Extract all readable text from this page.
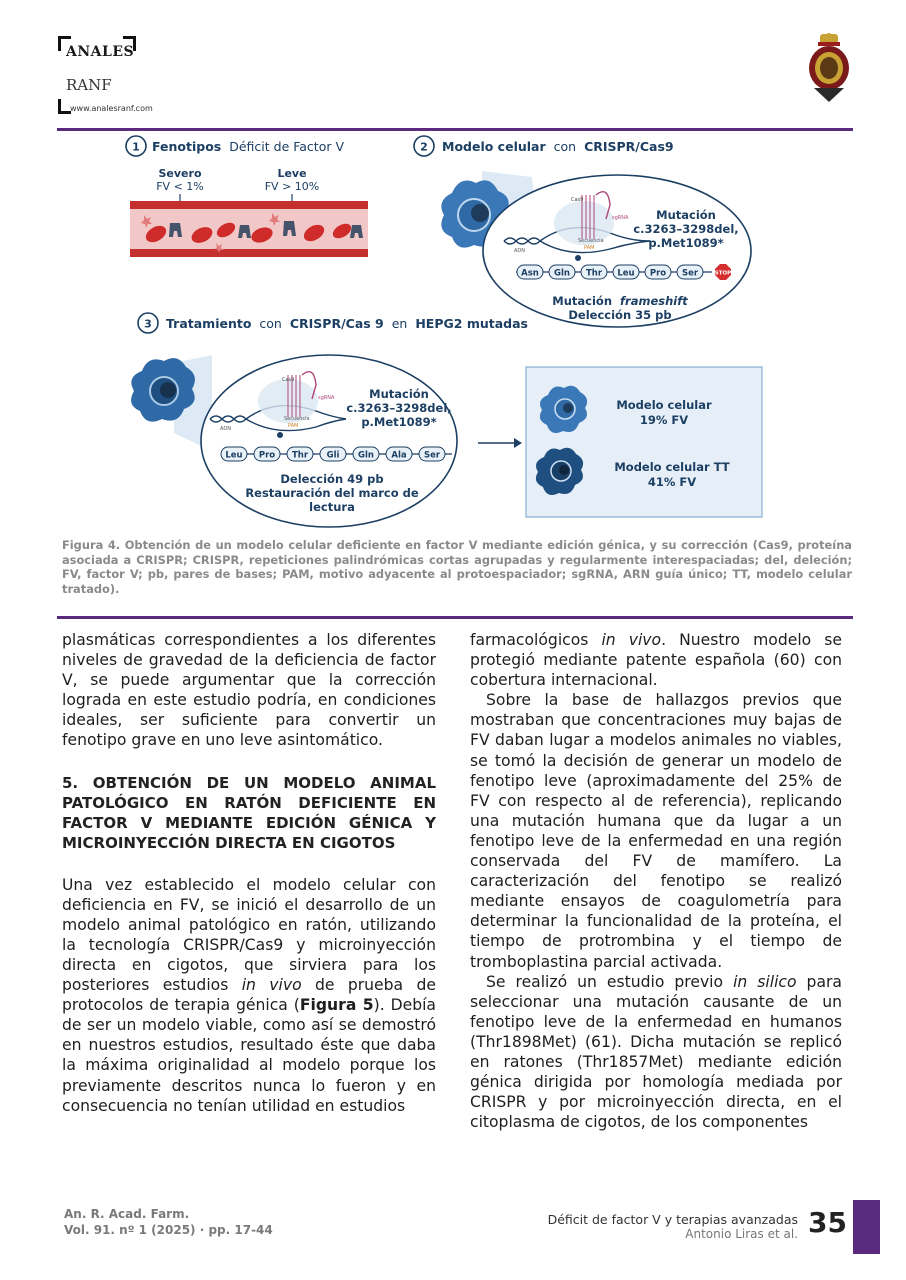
ANALES
RANF
www.analesranf.com
1 Fenotipos Déficit de Factor V
Severo
FV < 1%
Leve
FV > 10%
2 Modelo celular con CRISPR/Cas9
Cas9
sgRNA
Secuencia
PAM
ADN
Mutación
c.3263–3298del,
p.Met1089*
Asn Gln Thr Leu Pro Ser	STOP
Mutación frameshift
Delección 35 pb
3 Tratamiento con CRISPR/Cas 9 en HEPG2 mutadas
Cas9
sgRNA
Secuencia
PAM
ADN
Mutación
c.3263–3298del,
p.Met1089*
Leu Pro Thr Gli Gln Ala Ser
Delección 49 pb
Restauración del marco de
lectura
Modelo celular
19% FV
Modelo celular TT
41% FV
Figura 4. Obtención de un modelo celular deficiente en factor V mediante edición génica, y su corrección (Cas9, proteína asociada a CRISPR; CRISPR, repeticiones palindrómicas cortas agrupadas y regularmente interespaciadas; del, deleción; FV, factor V; pb, pares de bases; PAM, motivo adyacente al protoespaciador; sgRNA, ARN guía único; TT, modelo celular tratado).

plasmáticas correspondientes a los diferentes niveles de gravedad de la deficiencia de factor V, se puede argumentar que la corrección lograda en este estudio podría, en condiciones ideales, ser suficiente para convertir un fenotipo grave en uno leve asintomático.

5. OBTENCIÓN DE UN MODELO ANIMAL PATOLÓGICO EN RATÓN DEFICIENTE EN FACTOR V MEDIANTE EDICIÓN GÉNICA Y MICROINYECCIÓN DIRECTA EN CIGOTOS

Una vez establecido el modelo celular con deficiencia en FV, se inició el desarrollo de un modelo animal patológico en ratón, utilizando la tecnología CRISPR/Cas9 y microinyección directa en cigotos, que sirviera para los posteriores estudios in vivo de prueba de protocolos de terapia génica (Figura 5). Debía de ser un modelo viable, como así se demostró en nuestros estudios, resultado éste que daba la máxima originalidad al modelo porque los previamente descritos nunca lo fueron y en consecuencia no tenían utilidad en estudios

farmacológicos in vivo. Nuestro modelo se protegió mediante patente española (60) con cobertura internacional.

Sobre la base de hallazgos previos que mostraban que concentraciones muy bajas de FV daban lugar a modelos animales no viables, se tomó la decisión de generar un modelo de fenotipo leve (aproximadamente del 25% de FV con respecto al de referencia), replicando una mutación humana que da lugar a un fenotipo leve de la enfermedad en una región conservada del FV de mamífero. La caracterización del fenotipo se realizó mediante ensayos de coagulometría para determinar la funcionalidad de la proteína, el tiempo de protrombina y el tiempo de tromboplastina parcial activada.

Se realizó un estudio previo in silico para seleccionar una mutación causante de un fenotipo leve de la enfermedad en humanos (Thr1898Met) (61). Dicha mutación se replicó en ratones (Thr1857Met) mediante edición génica dirigida por homología mediada por CRISPR y por microinyección directa, en el citoplasma de cigotos, de los componentes

An. R. Acad. Farm.
Vol. 91. nº 1 (2025) · pp. 17-44
Déficit de factor V y terapias avanzadas
Antonio Liras et al. 35
